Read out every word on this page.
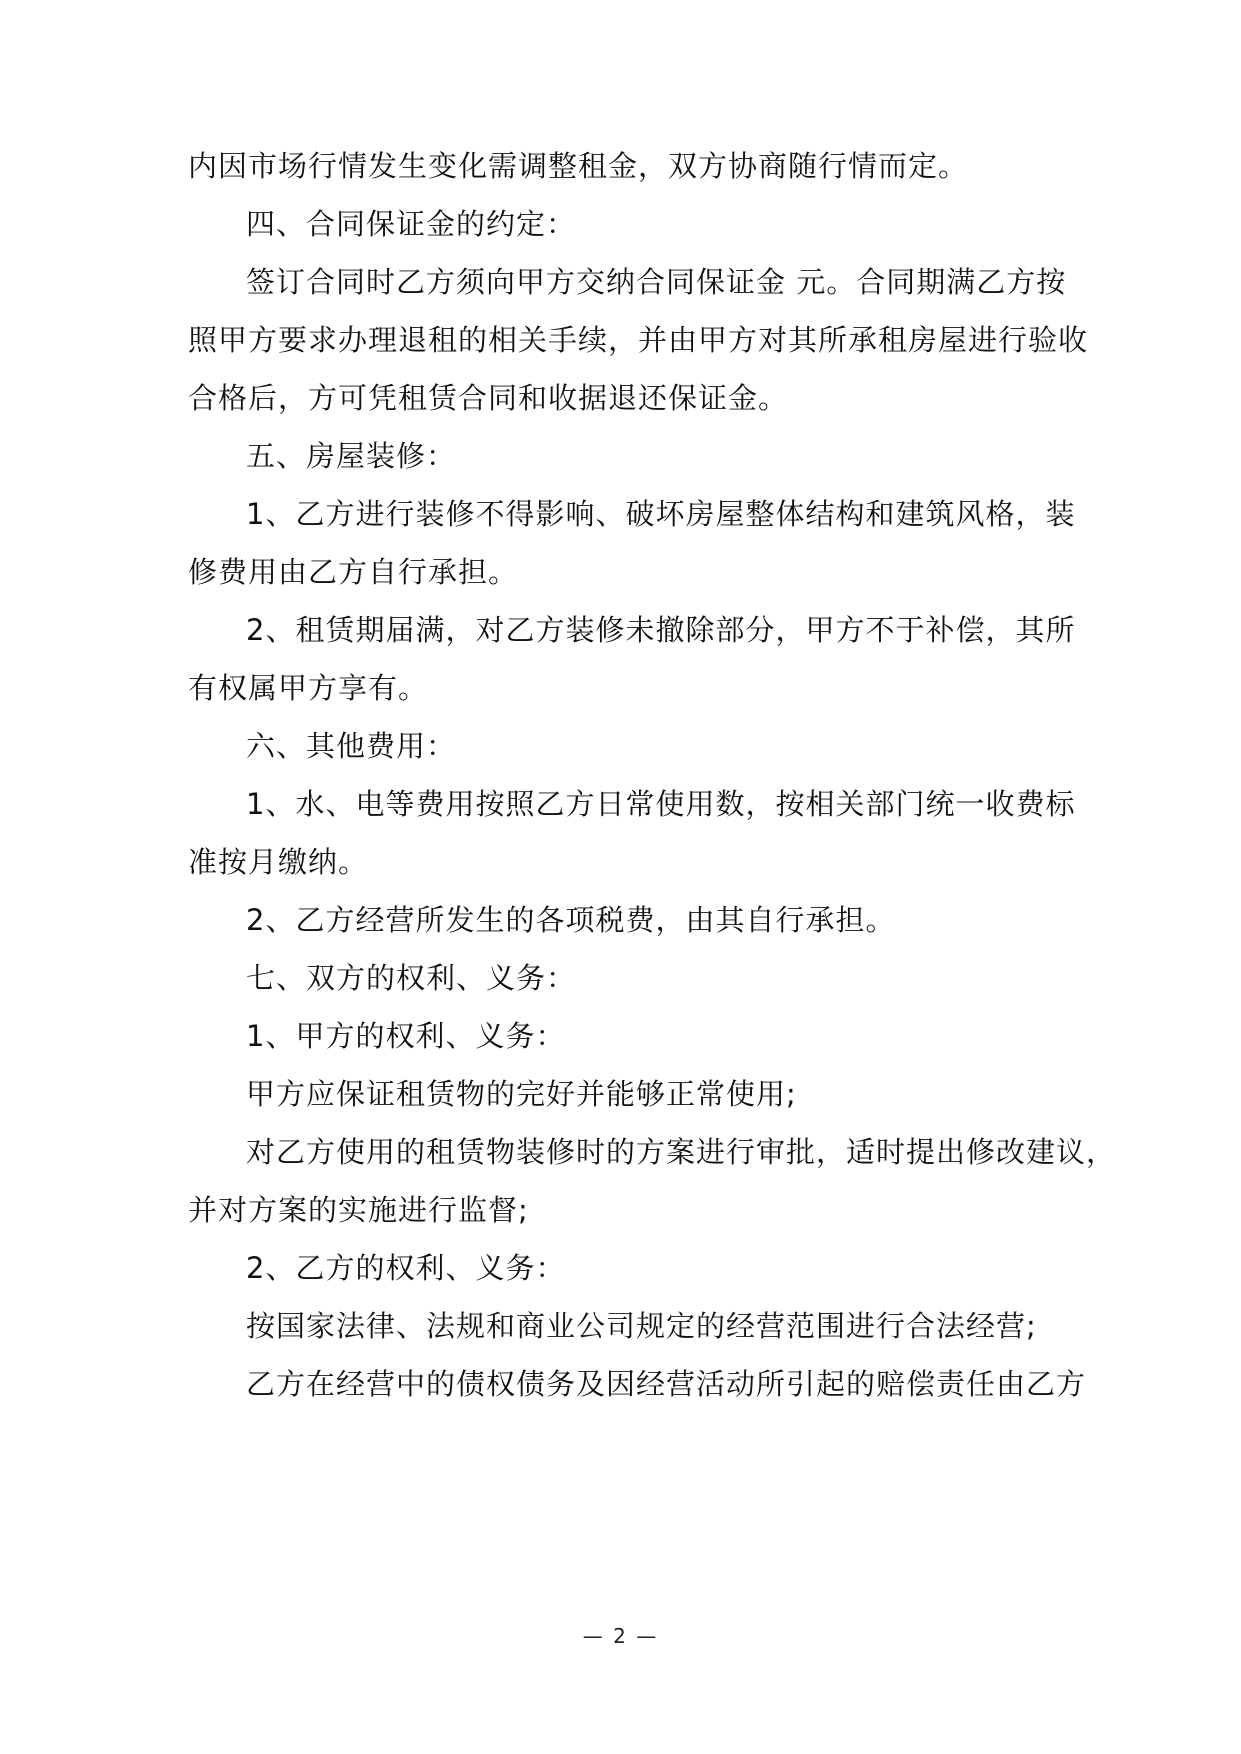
内因市场行情发生变化需调整租金，双方协商随行情而定。
四、合同保证金的约定：
签订合同时乙方须向甲方交纳合同保证金 元。合同期满乙方按
照甲方要求办理退租的相关手续，并由甲方对其所承租房屋进行验收
合格后，方可凭租赁合同和收据退还保证金。
五、房屋装修：
1、乙方进行装修不得影响、破坏房屋整体结构和建筑风格，装
修费用由乙方自行承担。
2、租赁期届满，对乙方装修未撤除部分，甲方不于补偿，其所
有权属甲方享有。
六、其他费用：
1、水、电等费用按照乙方日常使用数，按相关部门统一收费标
准按月缴纳。
2、乙方经营所发生的各项税费，由其自行承担。
七、双方的权利、义务：
1、甲方的权利、义务：
甲方应保证租赁物的完好并能够正常使用;
对乙方使用的租赁物装修时的方案进行审批，适时提出修改建议，
并对方案的实施进行监督;
2、乙方的权利、义务：
按国家法律、法规和商业公司规定的经营范围进行合法经营;
乙方在经营中的债权债务及因经营活动所引起的赔偿责任由乙方
— 2 —
